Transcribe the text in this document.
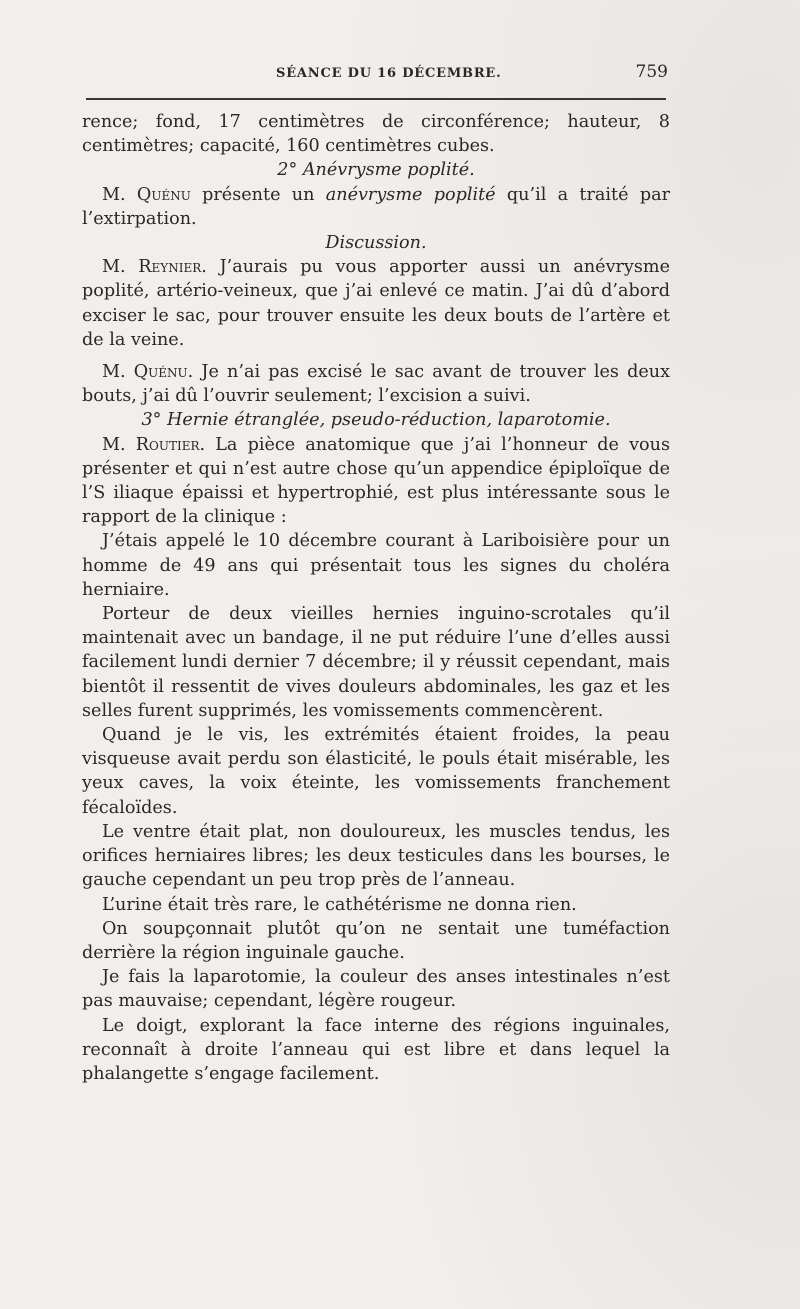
SÉANCE DU 16 DÉCEMBRE.	759

rence; fond, 17 centimètres de circonférence; hauteur, 8 centimètres; capacité, 160 centimètres cubes.

2° Anévrysme poplité.

M. Quénu présente un anévrysme poplité qu’il a traité par l’extirpation.

Discussion.

M. Reynier. J’aurais pu vous apporter aussi un anévrysme poplité, artério-veineux, que j’ai enlevé ce matin. J’ai dû d’abord exciser le sac, pour trouver ensuite les deux bouts de l’artère et de la veine.

M. Quénu. Je n’ai pas excisé le sac avant de trouver les deux bouts, j’ai dû l’ouvrir seulement; l’excision a suivi.

3° Hernie étranglée, pseudo-réduction, laparotomie.

M. Routier. La pièce anatomique que j’ai l’honneur de vous présenter et qui n’est autre chose qu’un appendice épiploïque de l’S iliaque épaissi et hypertrophié, est plus intéressante sous le rapport de la clinique :

J’étais appelé le 10 décembre courant à Lariboisière pour un homme de 49 ans qui présentait tous les signes du choléra herniaire.

Porteur de deux vieilles hernies inguino-scrotales qu’il maintenait avec un bandage, il ne put réduire l’une d’elles aussi facilement lundi dernier 7 décembre; il y réussit cependant, mais bientôt il ressentit de vives douleurs abdominales, les gaz et les selles furent supprimés, les vomissements commencèrent.

Quand je le vis, les extrémités étaient froides, la peau visqueuse avait perdu son élasticité, le pouls était misérable, les yeux caves, la voix éteinte, les vomissements franchement fécaloïdes.

Le ventre était plat, non douloureux, les muscles tendus, les orifices herniaires libres; les deux testicules dans les bourses, le gauche cependant un peu trop près de l’anneau.

L’urine était très rare, le cathétérisme ne donna rien.

On soupçonnait plutôt qu’on ne sentait une tuméfaction derrière la région inguinale gauche.

Je fais la laparotomie, la couleur des anses intestinales n’est pas mauvaise; cependant, légère rougeur.

Le doigt, explorant la face interne des régions inguinales, reconnaît à droite l’anneau qui est libre et dans lequel la phalangette s’engage facilement.
